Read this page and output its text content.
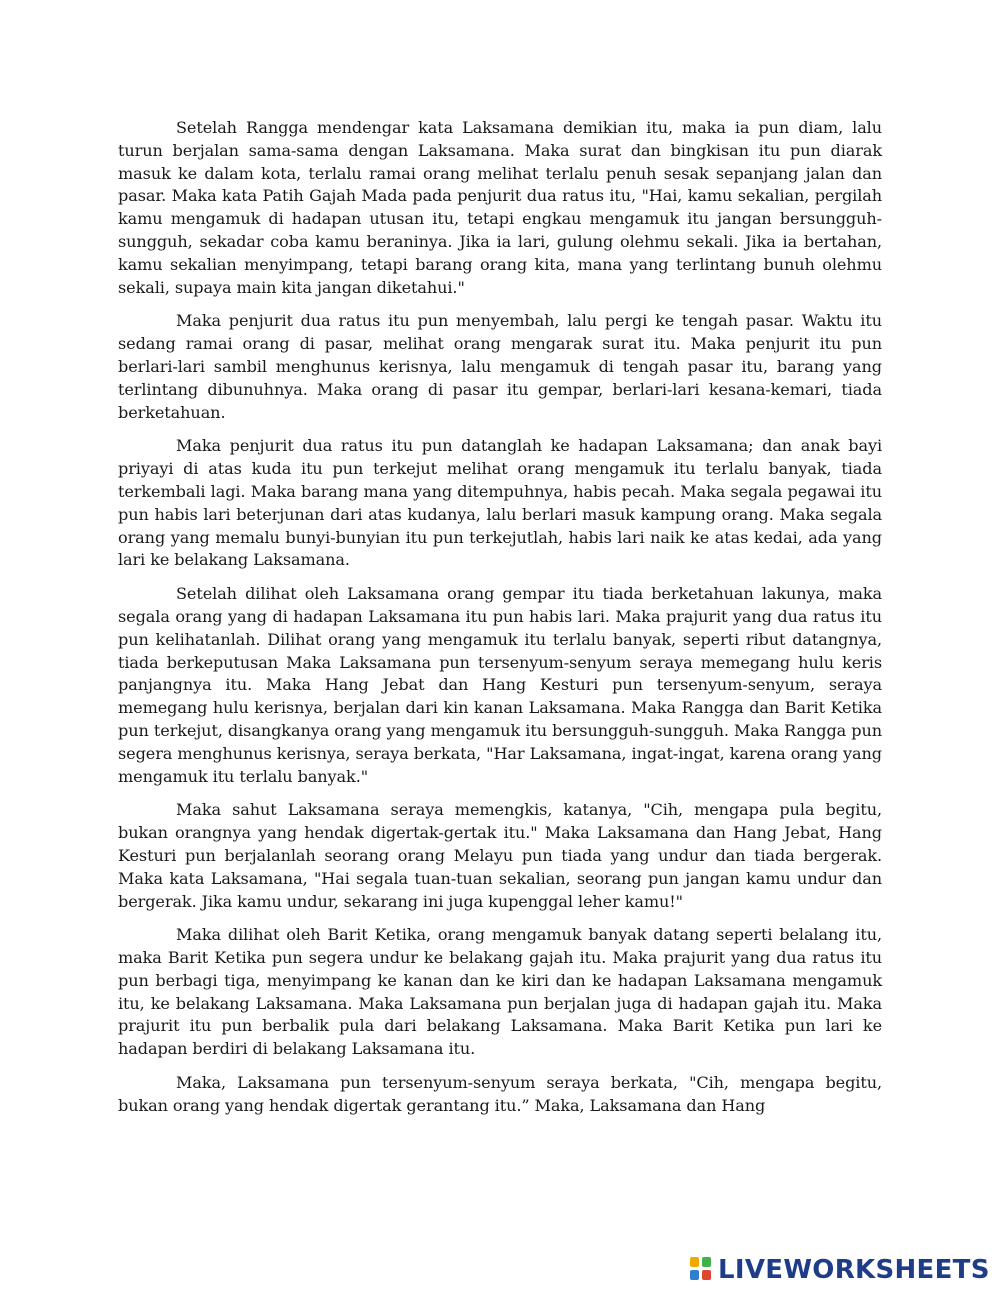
Setelah Rangga mendengar kata Laksamana demikian itu, maka ia pun diam, lalu turun berjalan sama-sama dengan Laksamana. Maka surat dan bingkisan itu pun diarak masuk ke dalam kota, terlalu ramai orang melihat terlalu penuh sesak sepanjang jalan dan pasar. Maka kata Patih Gajah Mada pada penjurit dua ratus itu, "Hai, kamu sekalian, pergilah kamu mengamuk di hadapan utusan itu, tetapi engkau mengamuk itu jangan bersungguh-sungguh, sekadar coba kamu beraninya. Jika ia lari, gulung olehmu sekali. Jika ia bertahan, kamu sekalian menyimpang, tetapi barang orang kita, mana yang terlintang bunuh olehmu sekali, supaya main kita jangan diketahui."

Maka penjurit dua ratus itu pun menyembah, lalu pergi ke tengah pasar. Waktu itu sedang ramai orang di pasar, melihat orang mengarak surat itu. Maka penjurit itu pun berlari-lari sambil menghunus kerisnya, lalu mengamuk di tengah pasar itu, barang yang terlintang dibunuhnya. Maka orang di pasar itu gempar, berlari-lari kesana-kemari, tiada berketahuan.

Maka penjurit dua ratus itu pun datanglah ke hadapan Laksamana; dan anak bayi priyayi di atas kuda itu pun terkejut melihat orang mengamuk itu terlalu banyak, tiada terkembali lagi. Maka barang mana yang ditempuhnya, habis pecah. Maka segala pegawai itu pun habis lari beterjunan dari atas kudanya, lalu berlari masuk kampung orang. Maka segala orang yang memalu bunyi-bunyian itu pun terkejutlah, habis lari naik ke atas kedai, ada yang lari ke belakang Laksamana.

Setelah dilihat oleh Laksamana orang gempar itu tiada berketahuan lakunya, maka segala orang yang di hadapan Laksamana itu pun habis lari. Maka prajurit yang dua ratus itu pun kelihatanlah. Dilihat orang yang mengamuk itu terlalu banyak, seperti ribut datangnya, tiada berkeputusan Maka Laksamana pun tersenyum-senyum seraya memegang hulu keris panjangnya itu. Maka Hang Jebat dan Hang Kesturi pun tersenyum-senyum, seraya memegang hulu kerisnya, berjalan dari kin kanan Laksamana. Maka Rangga dan Barit Ketika pun terkejut, disangkanya orang yang mengamuk itu bersungguh-sungguh. Maka Rangga pun segera menghunus kerisnya, seraya berkata, "Har Laksamana, ingat-ingat, karena orang yang mengamuk itu terlalu banyak."

Maka sahut Laksamana seraya memengkis, katanya, "Cih, mengapa pula begitu, bukan orangnya yang hendak digertak-gertak itu." Maka Laksamana dan Hang Jebat, Hang Kesturi pun berjalanlah seorang orang Melayu pun tiada yang undur dan tiada bergerak. Maka kata Laksamana, "Hai segala tuan-tuan sekalian, seorang pun jangan kamu undur dan bergerak. Jika kamu undur, sekarang ini juga kupenggal leher kamu!"

Maka dilihat oleh Barit Ketika, orang mengamuk banyak datang seperti belalang itu, maka Barit Ketika pun segera undur ke belakang gajah itu. Maka prajurit yang dua ratus itu pun berbagi tiga, menyimpang ke kanan dan ke kiri dan ke hadapan Laksamana mengamuk itu, ke belakang Laksamana. Maka Laksamana pun berjalan juga di hadapan gajah itu. Maka prajurit itu pun berbalik pula dari belakang Laksamana. Maka Barit Ketika pun lari ke hadapan berdiri di belakang Laksamana itu.

Maka, Laksamana pun tersenyum-senyum seraya berkata, "Cih, mengapa begitu, bukan orang yang hendak digertak gerantang itu.” Maka, Laksamana dan Hang

LIVEWORKSHEETS
